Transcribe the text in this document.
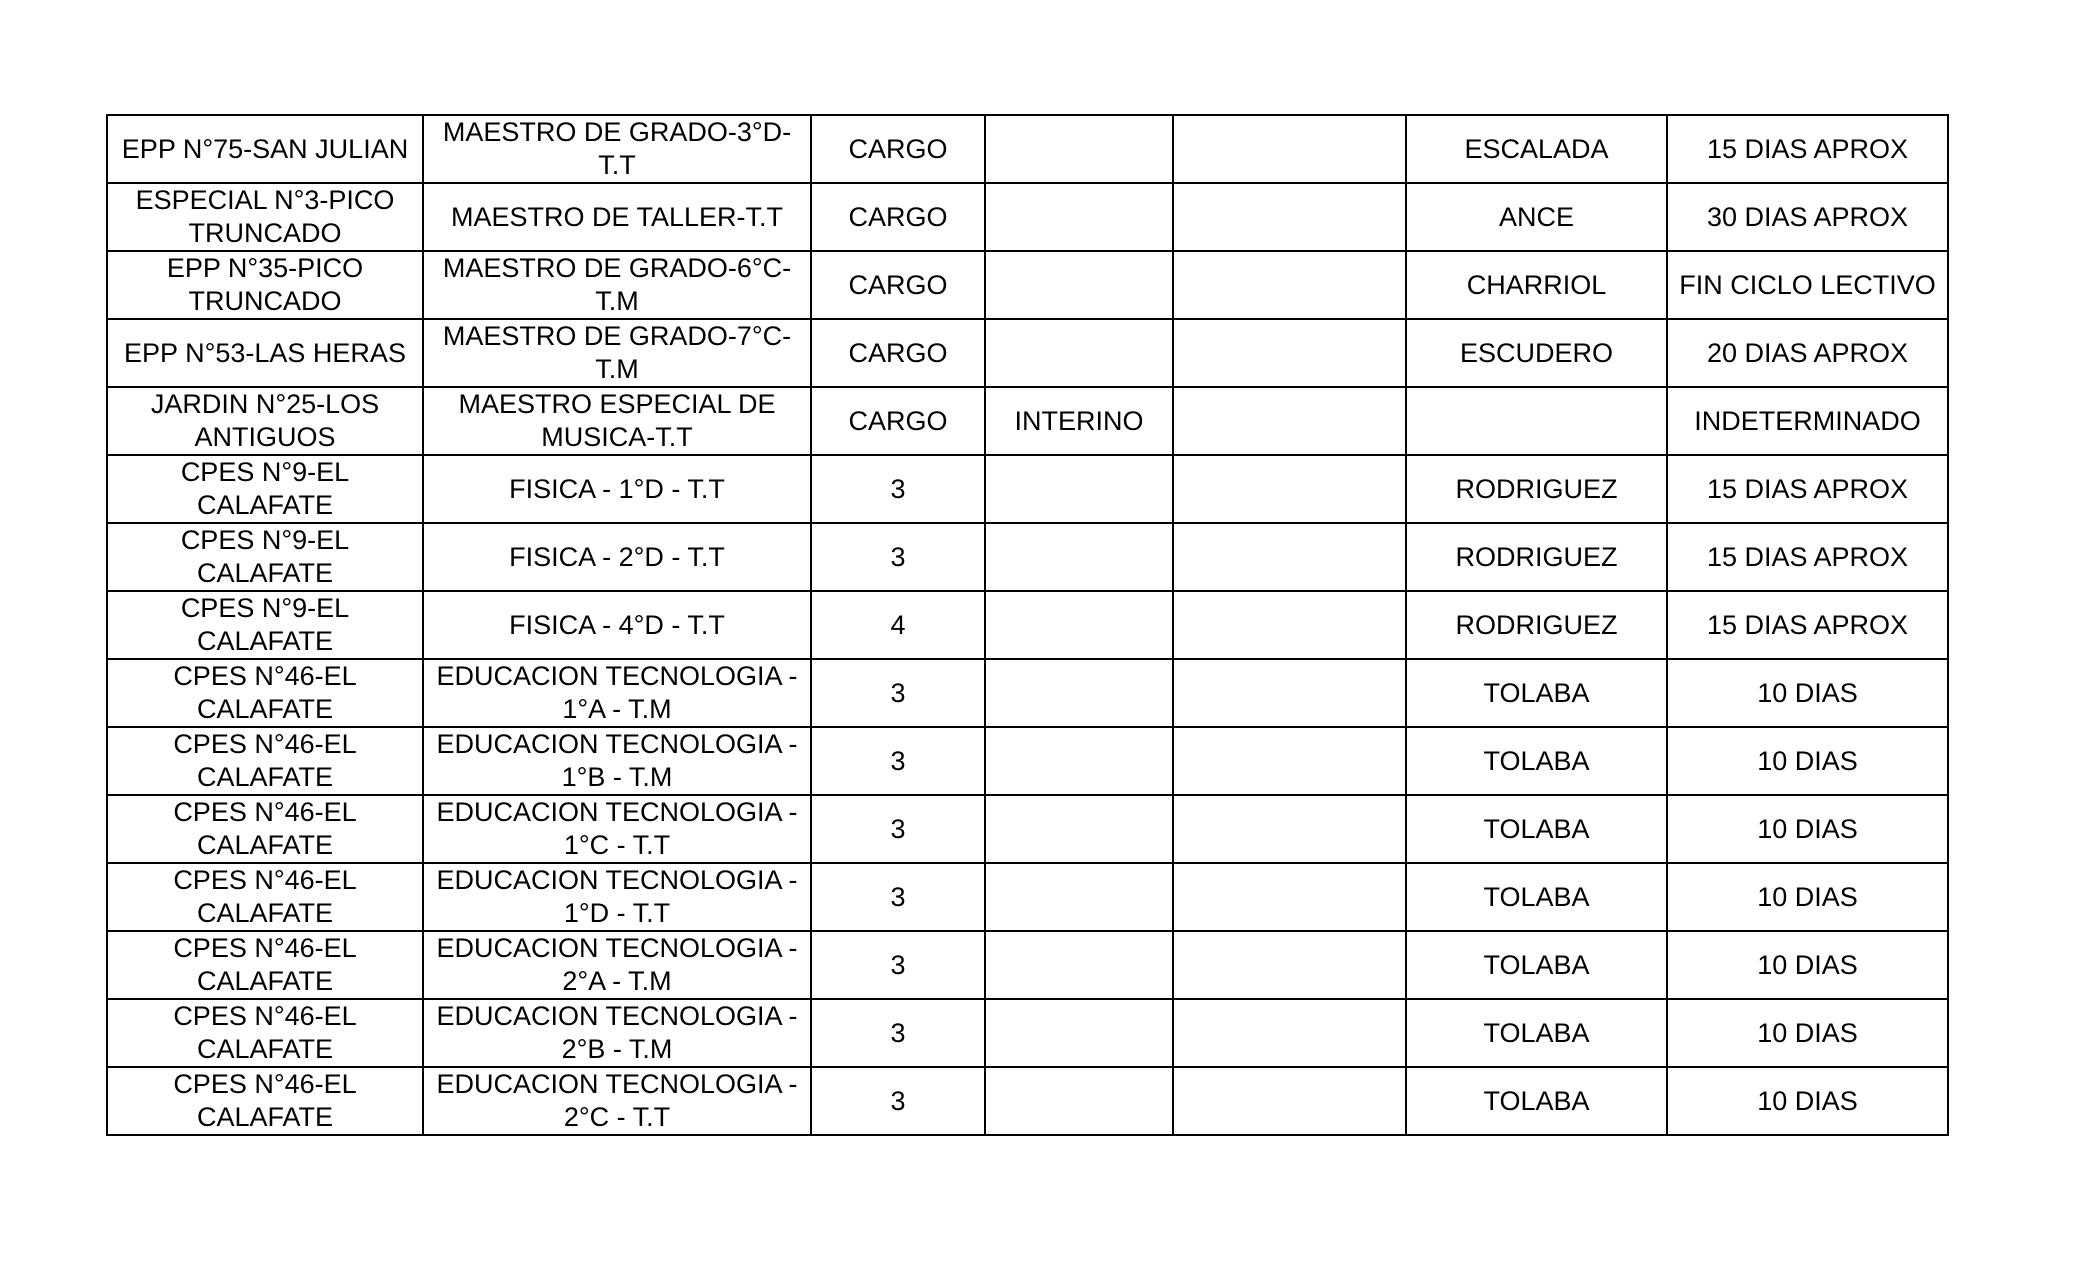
EPP N°75-SAN JULIAN	MAESTRO DE GRADO-3°D-T.T	CARGO			ESCALADA	15 DIAS APROX
ESPECIAL N°3-PICO TRUNCADO	MAESTRO DE TALLER-T.T	CARGO			ANCE	30 DIAS APROX
EPP N°35-PICO TRUNCADO	MAESTRO DE GRADO-6°C-T.M	CARGO			CHARRIOL	FIN CICLO LECTIVO
EPP N°53-LAS HERAS	MAESTRO DE GRADO-7°C-T.M	CARGO			ESCUDERO	20 DIAS APROX
JARDIN N°25-LOS ANTIGUOS	MAESTRO ESPECIAL DE MUSICA-T.T	CARGO	INTERINO			INDETERMINADO
CPES N°9-EL CALAFATE	FISICA - 1°D - T.T	3			RODRIGUEZ	15 DIAS APROX
CPES N°9-EL CALAFATE	FISICA - 2°D - T.T	3			RODRIGUEZ	15 DIAS APROX
CPES N°9-EL CALAFATE	FISICA - 4°D - T.T	4			RODRIGUEZ	15 DIAS APROX
CPES N°46-EL CALAFATE	EDUCACION TECNOLOGIA - 1°A - T.M	3			TOLABA	10 DIAS
CPES N°46-EL CALAFATE	EDUCACION TECNOLOGIA - 1°B - T.M	3			TOLABA	10 DIAS
CPES N°46-EL CALAFATE	EDUCACION TECNOLOGIA - 1°C - T.T	3			TOLABA	10 DIAS
CPES N°46-EL CALAFATE	EDUCACION TECNOLOGIA - 1°D - T.T	3			TOLABA	10 DIAS
CPES N°46-EL CALAFATE	EDUCACION TECNOLOGIA - 2°A - T.M	3			TOLABA	10 DIAS
CPES N°46-EL CALAFATE	EDUCACION TECNOLOGIA - 2°B - T.M	3			TOLABA	10 DIAS
CPES N°46-EL CALAFATE	EDUCACION TECNOLOGIA - 2°C - T.T	3			TOLABA	10 DIAS
